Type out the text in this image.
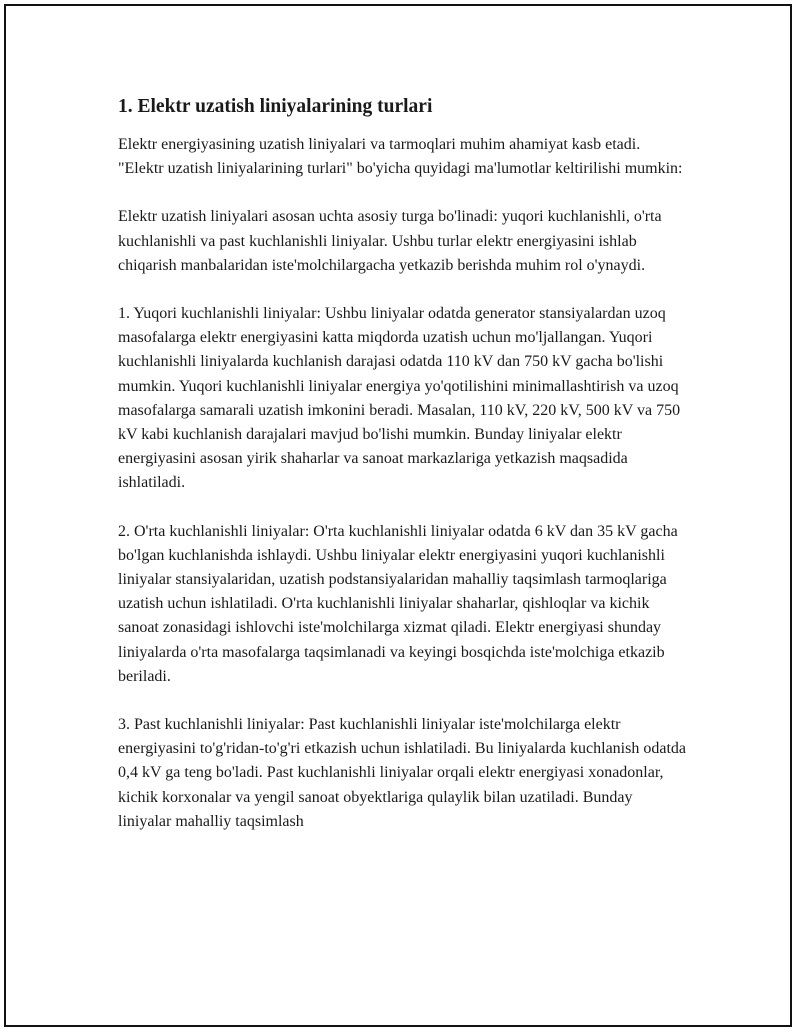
1. Elektr uzatish liniyalarining turlari

Elektr energiyasining uzatish liniyalari va tarmoqlari muhim ahamiyat kasb etadi. "Elektr uzatish liniyalarining turlari" bo'yicha quyidagi ma'lumotlar keltirilishi mumkin:

Elektr uzatish liniyalari asosan uchta asosiy turga bo'linadi: yuqori kuchlanishli, o'rta kuchlanishli va past kuchlanishli liniyalar. Ushbu turlar elektr energiyasini ishlab chiqarish manbalaridan iste'molchilargacha yetkazib berishda muhim rol o'ynaydi.

1. Yuqori kuchlanishli liniyalar: Ushbu liniyalar odatda generator stansiyalardan uzoq masofalarga elektr energiyasini katta miqdorda uzatish uchun mo'ljallangan. Yuqori kuchlanishli liniyalarda kuchlanish darajasi odatda 110 kV dan 750 kV gacha bo'lishi mumkin. Yuqori kuchlanishli liniyalar energiya yo'qotilishini minimallashtirish va uzoq masofalarga samarali uzatish imkonini beradi. Masalan, 110 kV, 220 kV, 500 kV va 750 kV kabi kuchlanish darajalari mavjud bo'lishi mumkin. Bunday liniyalar elektr energiyasini asosan yirik shaharlar va sanoat markazlariga yetkazish maqsadida ishlatiladi.

2. O'rta kuchlanishli liniyalar: O'rta kuchlanishli liniyalar odatda 6 kV dan 35 kV gacha bo'lgan kuchlanishda ishlaydi. Ushbu liniyalar elektr energiyasini yuqori kuchlanishli liniyalar stansiyalaridan, uzatish podstansiyalaridan mahalliy taqsimlash tarmoqlariga uzatish uchun ishlatiladi. O'rta kuchlanishli liniyalar shaharlar, qishloqlar va kichik sanoat zonasidagi ishlovchi iste'molchilarga xizmat qiladi. Elektr energiyasi shunday liniyalarda o'rta masofalarga taqsimlanadi va keyingi bosqichda iste'molchiga etkazib beriladi.

3. Past kuchlanishli liniyalar: Past kuchlanishli liniyalar iste'molchilarga elektr energiyasini to'g'ridan-to'g'ri etkazish uchun ishlatiladi. Bu liniyalarda kuchlanish odatda 0,4 kV ga teng bo'ladi. Past kuchlanishli liniyalar orqali elektr energiyasi xonadonlar, kichik korxonalar va yengil sanoat obyektlariga qulaylik bilan uzatiladi. Bunday liniyalar mahalliy taqsimlash
